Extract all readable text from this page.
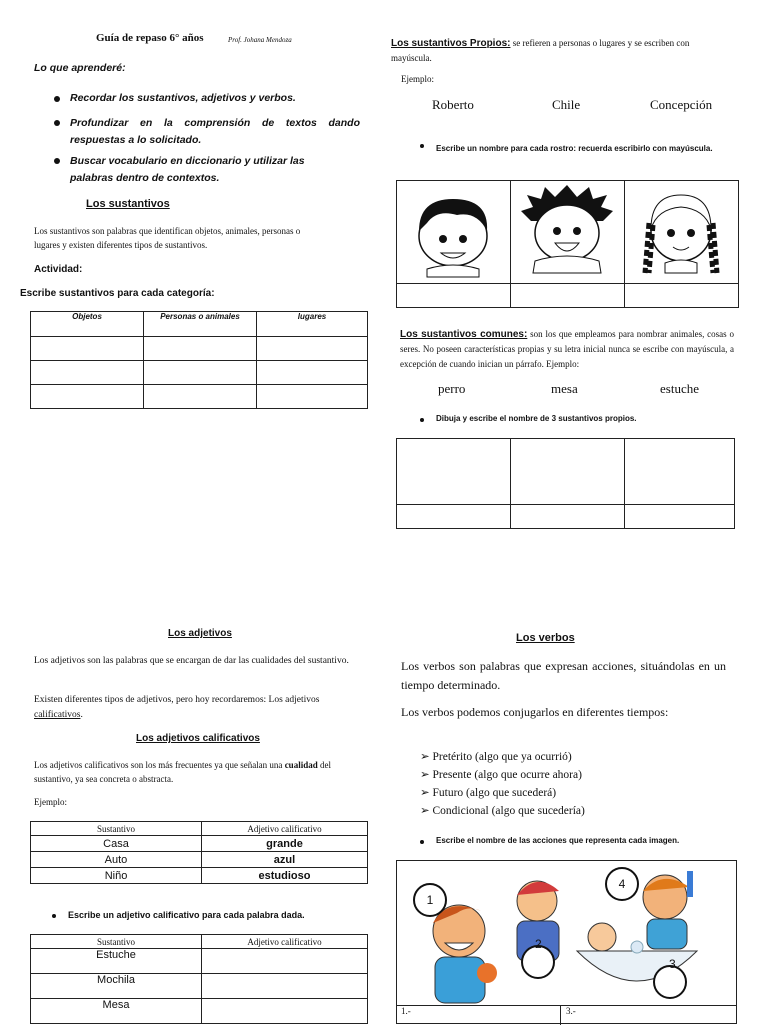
Guía de repaso 6° años	Prof. Johana Mendoza
Lo que aprenderé:
Recordar los sustantivos, adjetivos y verbos.
Profundizar en la comprensión de textos dando respuestas a lo solicitado.
Buscar vocabulario en diccionario y utilizar las palabras dentro de contextos.
Los sustantivos
Los sustantivos son palabras que identifican objetos, animales, personas o lugares y existen diferentes tipos de sustantivos.
Actividad:
Escribe sustantivos para cada categoría:
Objetos	Personas o animales	lugares

Los sustantivos Propios: se refieren a personas o lugares y se escriben con mayúscula.
Ejemplo:
Roberto	Chile	Concepción
Escribe un nombre para cada rostro: recuerda escribirlo con mayúscula.

Los sustantivos comunes: son los que empleamos para nombrar animales, cosas o seres. No poseen características propias y su letra inicial nunca se escribe con mayúscula, a excepción de cuando inician un párrafo. Ejemplo:
perro	mesa	estuche
Dibuja y escribe el nombre de 3 sustantivos propios.

Los adjetivos
Los adjetivos son las palabras que se encargan de dar las cualidades del sustantivo.
Existen diferentes tipos de adjetivos, pero hoy recordaremos: Los adjetivos calificativos.
Los adjetivos calificativos
Los adjetivos calificativos son los más frecuentes ya que señalan una cualidad del sustantivo, ya sea concreta o abstracta.
Ejemplo:
Sustantivo	Adjetivo calificativo
Casa	grande
Auto	azul
Niño	estudioso
Escribe un adjetivo calificativo para cada palabra dada.
Sustantivo	Adjetivo calificativo
Estuche	
Mochila	
Mesa	
Los verbos
Los verbos son palabras que expresan acciones, situándolas en un tiempo determinado.
Los verbos podemos conjugarlos en diferentes tiempos:
➢ Pretérito (algo que ya ocurrió)
➢ Presente (algo que ocurre ahora)
➢ Futuro (algo que sucederá)
➢ Condicional (algo que sucedería)
Escribe el nombre de las acciones que representa cada imagen.
1
2
3
4
1.-	3.-
